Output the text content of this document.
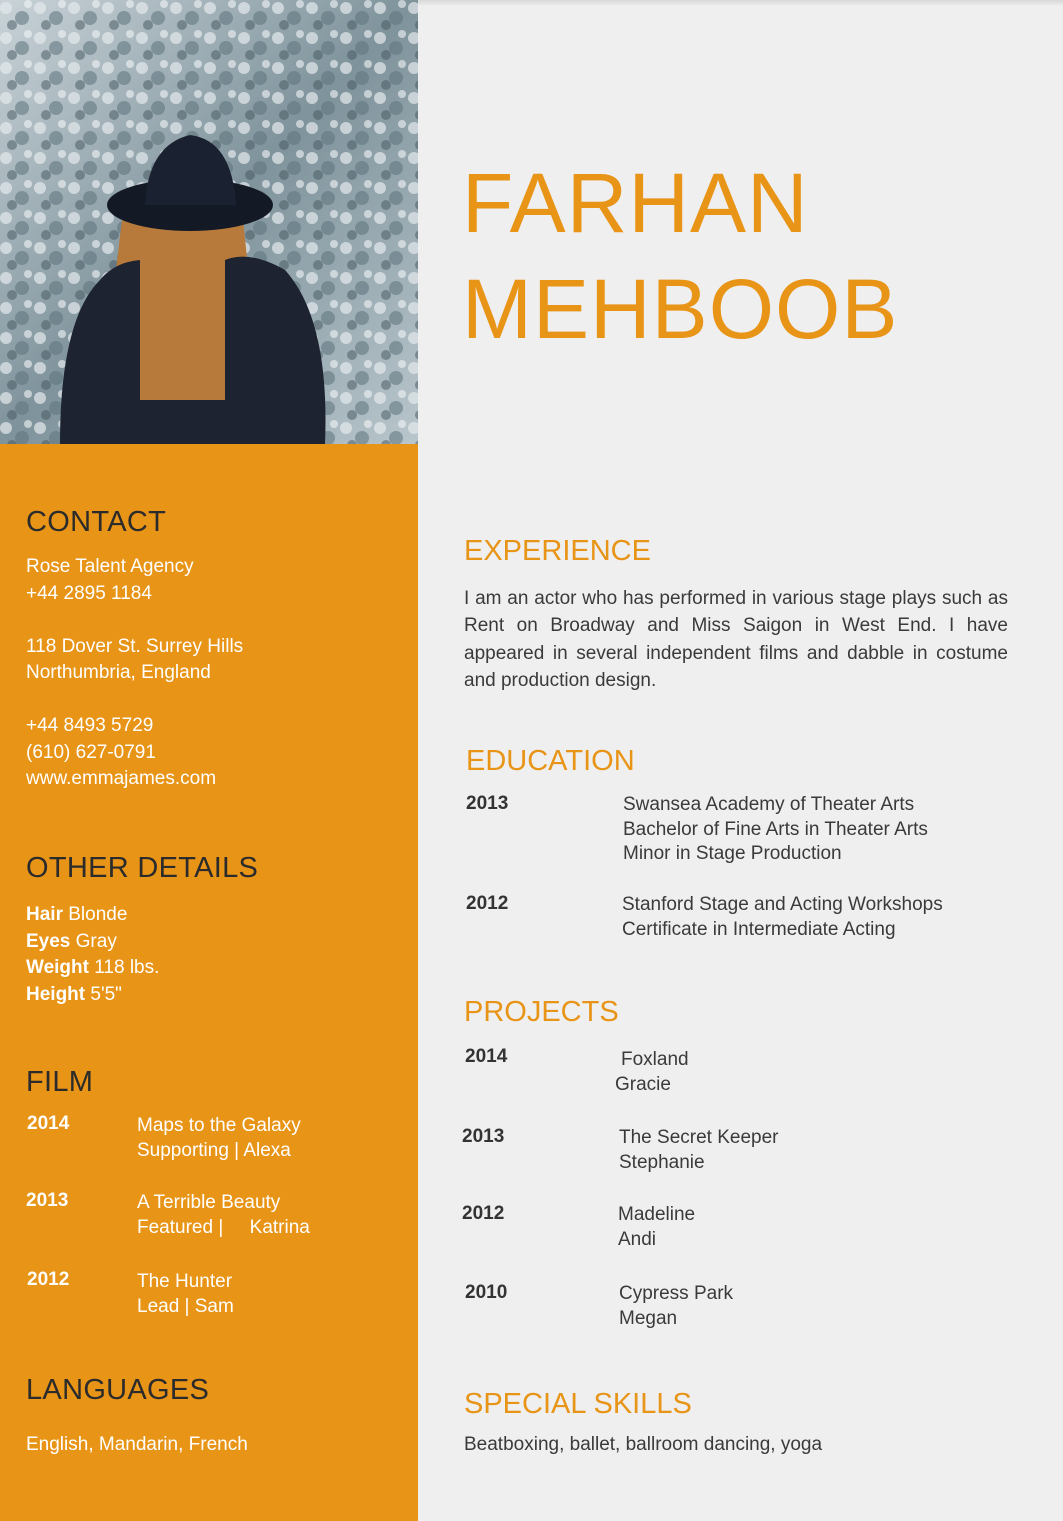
CONTACT
Rose Talent Agency
+44 2895 1184
118 Dover St. Surrey Hills
Northumbria, England
+44 8493 5729
(610) 627-0791
www.emmajames.com
OTHER DETAILS
Hair Blonde
Eyes Gray
Weight 118 lbs.
Height 5'5"
FILM
2014	Maps to the Galaxy
Supporting | Alexa
2013	A Terrible Beauty
Featured |     Katrina
2012	The Hunter
Lead | Sam
LANGUAGES

English, Mandarin, French

FARHAN
MEHBOOB
EXPERIENCE

I am an actor who has performed in various stage plays such as Rent on Broadway and Miss Saigon in West End. I have appeared in several independent films and dabble in costume and production design.

EDUCATION
2013	Swansea Academy of Theater Arts
Bachelor of Fine Arts in Theater Arts
Minor in Stage Production
2012	Stanford Stage and Acting Workshops
Certificate in Intermediate Acting
PROJECTS
2014	Foxland
Gracie
2013	The Secret Keeper
Stephanie
2012	Madeline
Andi
2010	Cypress Park
Megan
SPECIAL SKILLS

Beatboxing, ballet, ballroom dancing, yoga
